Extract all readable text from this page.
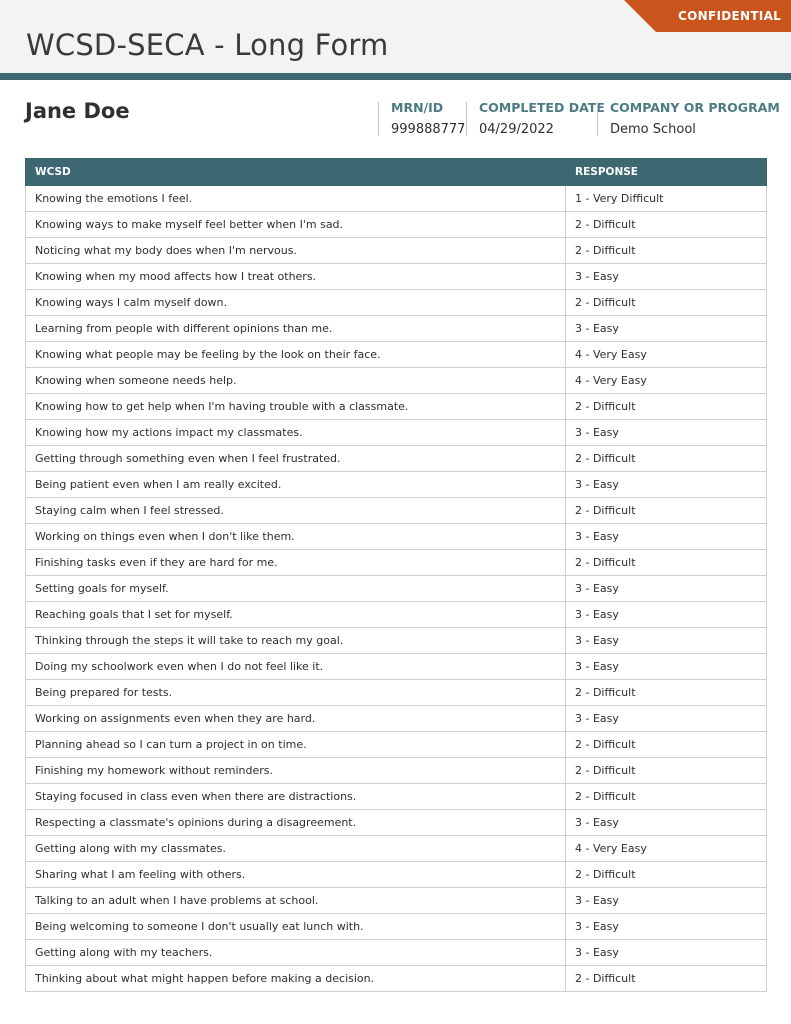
WCSD-SECA - Long Form
CONFIDENTIAL
Jane Doe	MRN/ID
999888777
COMPLETED DATE
04/29/2022
COMPANY OR PROGRAM
Demo School
WCSD	RESPONSE
Knowing the emotions I feel.	1 - Very Difficult
Knowing ways to make myself feel better when I'm sad.	2 - Difficult
Noticing what my body does when I'm nervous.	2 - Difficult
Knowing when my mood affects how I treat others.	3 - Easy
Knowing ways I calm myself down.	2 - Difficult
Learning from people with different opinions than me.	3 - Easy
Knowing what people may be feeling by the look on their face.	4 - Very Easy
Knowing when someone needs help.	4 - Very Easy
Knowing how to get help when I'm having trouble with a classmate.	2 - Difficult
Knowing how my actions impact my classmates.	3 - Easy
Getting through something even when I feel frustrated.	2 - Difficult
Being patient even when I am really excited.	3 - Easy
Staying calm when I feel stressed.	2 - Difficult
Working on things even when I don't like them.	3 - Easy
Finishing tasks even if they are hard for me.	2 - Difficult
Setting goals for myself.	3 - Easy
Reaching goals that I set for myself.	3 - Easy
Thinking through the steps it will take to reach my goal.	3 - Easy
Doing my schoolwork even when I do not feel like it.	3 - Easy
Being prepared for tests.	2 - Difficult
Working on assignments even when they are hard.	3 - Easy
Planning ahead so I can turn a project in on time.	2 - Difficult
Finishing my homework without reminders.	2 - Difficult
Staying focused in class even when there are distractions.	2 - Difficult
Respecting a classmate's opinions during a disagreement.	3 - Easy
Getting along with my classmates.	4 - Very Easy
Sharing what I am feeling with others.	2 - Difficult
Talking to an adult when I have problems at school.	3 - Easy
Being welcoming to someone I don't usually eat lunch with.	3 - Easy
Getting along with my teachers.	3 - Easy
Thinking about what might happen before making a decision.	2 - Difficult
